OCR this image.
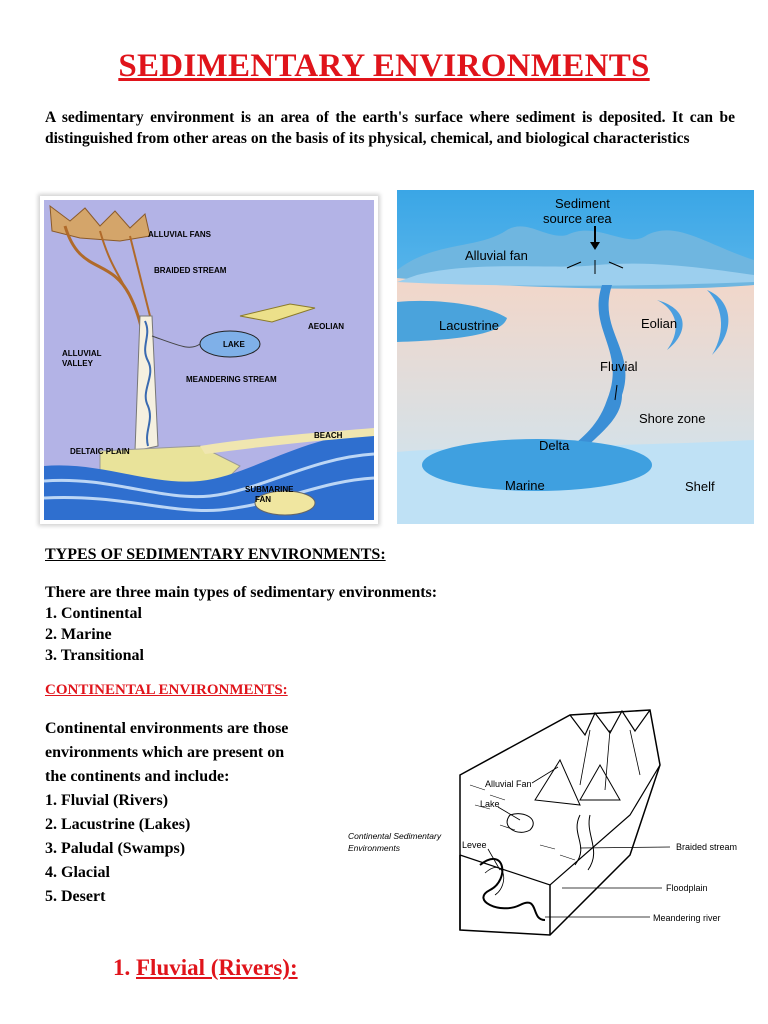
SEDIMENTARY ENVIRONMENTS
A sedimentary environment is an area of the earth's surface where sediment is deposited. It can be distinguished from other areas on the basis of its physical, chemical, and biological characteristics
ALLUVIAL FANS
BRAIDED STREAM
AEOLIAN
LAKE
ALLUVIAL
VALLEY
MEANDERING STREAM
BEACH
DELTAIC PLAIN
SUBMARINE
FAN
Sediment
source area
Alluvial fan
Lacustrine	Eolian
Fluvial
Shore zone
Delta
Marine	Shelf
TYPES OF SEDIMENTARY ENVIRONMENTS:
There are three main types of sedimentary environments:
1. Continental
2. Marine
3. Transitional
CONTINENTAL ENVIRONMENTS:
Continental environments are those
environments which are present on
the continents and include:
1. Fluvial (Rivers)
2. Lacustrine (Lakes)
3. Paludal (Swamps)
4. Glacial
5. Desert
Alluvial Fan
Lake
Levee	Braided stream
Floodplain
Meandering river
Continental Sedimentary
Environments
1. Fluvial (Rivers):
